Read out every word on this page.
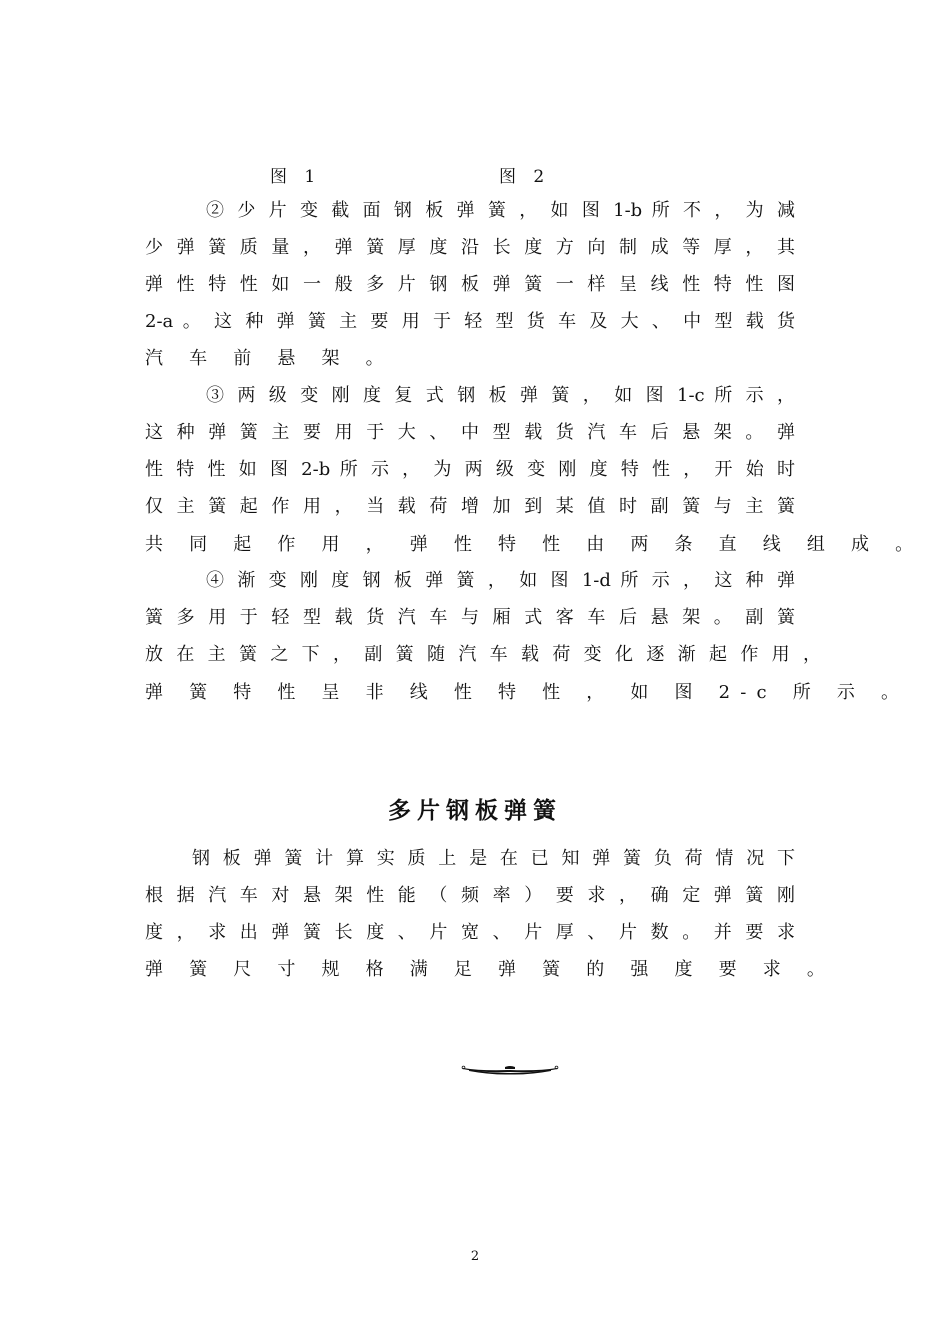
图 1	图 2
② 少 片 变 截 面 钢 板 弹 簧 ， 如 图 1-b 所 不 ， 为 减
少 弹 簧 质 量 ， 弹 簧 厚 度 沿 长 度 方 向 制 成 等 厚 ， 其
弹 性 特 性 如 一 般 多 片 钢 板 弹 簧 一 样 呈 线 性 特 性 图
2-a 。 这 种 弹 簧 主 要 用 于 轻 型 货 车 及 大 、 中 型 载 货
汽 车 前 悬 架 。
③ 两 级 变 刚 度 复 式 钢 板 弹 簧 ， 如 图 1-c 所 示 ，
这 种 弹 簧 主 要 用 于 大 、 中 型 载 货 汽 车 后 悬 架 。 弹
性 特 性 如 图 2-b 所 示 ， 为 两 级 变 刚 度 特 性 ， 开 始 时
仅 主 簧 起 作 用 ， 当 载 荷 增 加 到 某 值 时 副 簧 与 主 簧
共 同 起 作 用 ， 弹 性 特 性 由 两 条 直 线 组 成 。
④ 渐 变 刚 度 钢 板 弹 簧 ， 如 图 1-d 所 示 ， 这 种 弹
簧 多 用 于 轻 型 载 货 汽 车 与 厢 式 客 车 后 悬 架 。 副 簧
放 在 主 簧 之 下 ， 副 簧 随 汽 车 载 荷 变 化 逐 渐 起 作 用 ，
弹 簧 特 性 呈 非 线 性 特 性 ， 如 图 2-c 所 示 。
多片钢板弹簧
钢 板 弹 簧 计 算 实 质 上 是 在 已 知 弹 簧 负 荷 情 况 下
根 据 汽 车 对 悬 架 性 能 （ 频 率 ） 要 求 ， 确 定 弹 簧 刚
度 ， 求 出 弹 簧 长 度 、 片 宽 、 片 厚 、 片 数 。 并 要 求
弹 簧 尺 寸 规 格 满 足 弹 簧 的 强 度 要 求 。
2
